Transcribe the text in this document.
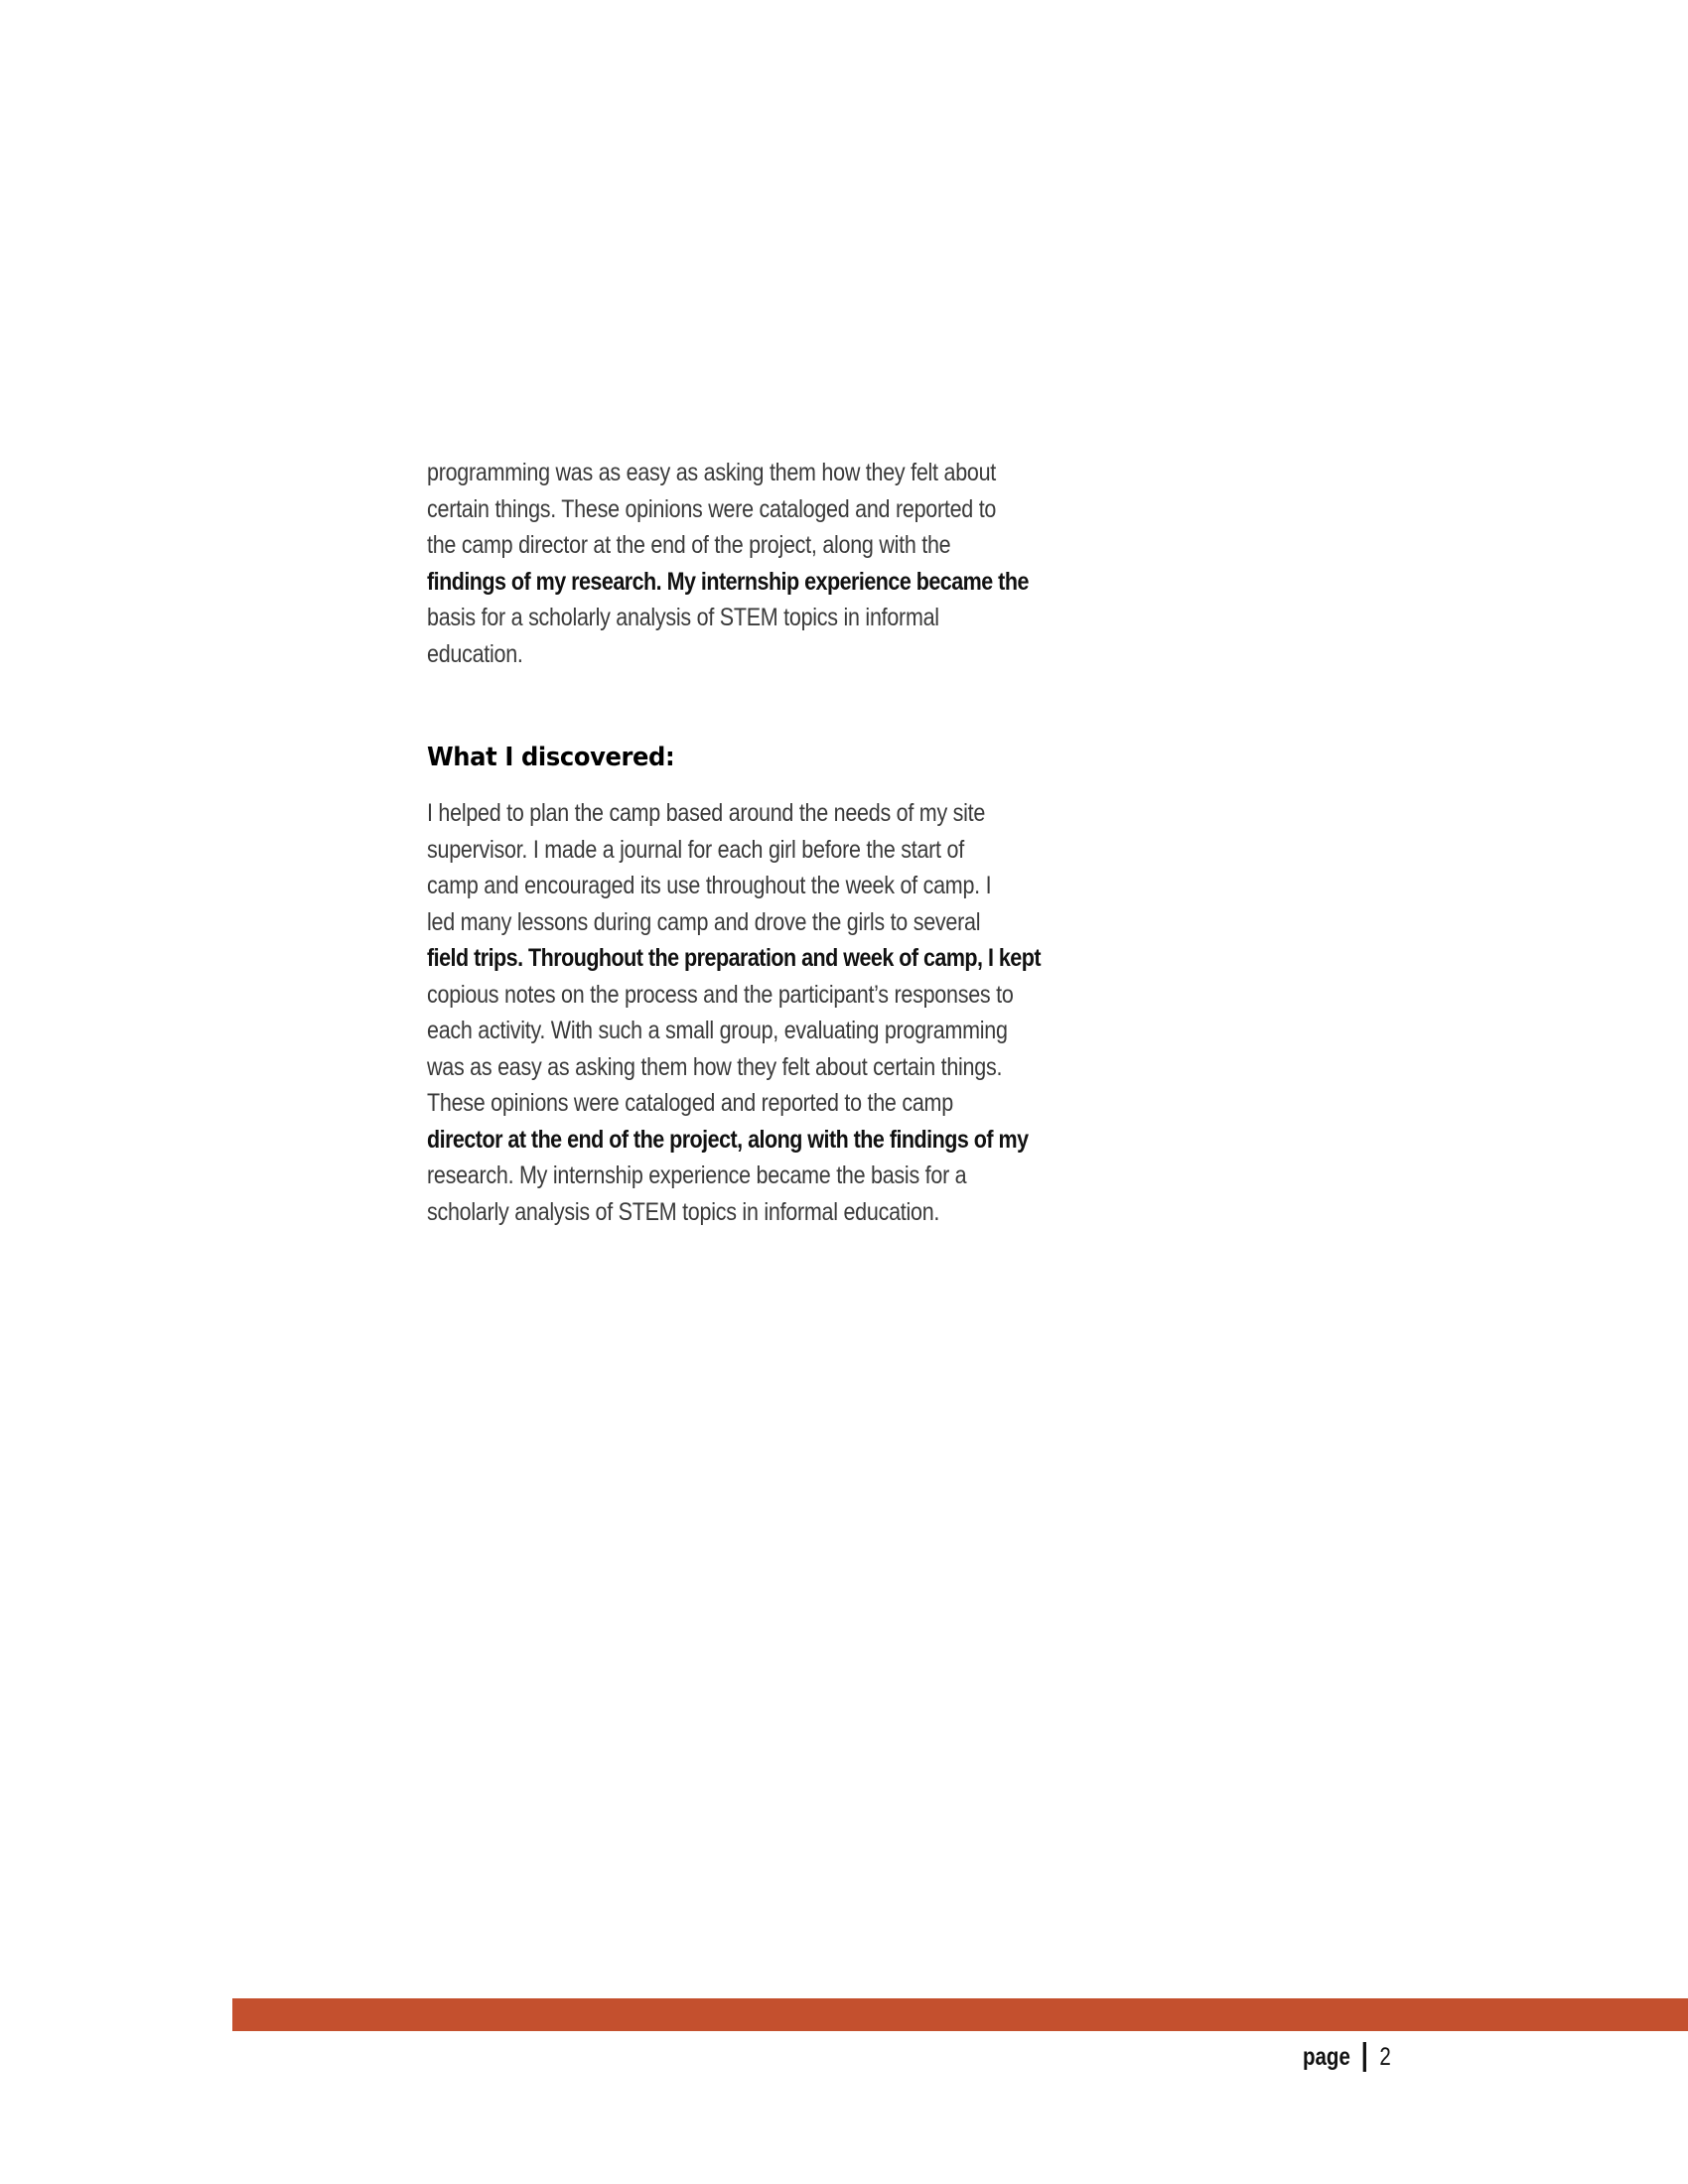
programming was as easy as asking them how they felt about
certain things. These opinions were cataloged and reported to
the camp director at the end of the project, along with the
findings of my research. My internship experience became the
basis for a scholarly analysis of STEM topics in informal
education.
What I discovered:
I helped to plan the camp based around the needs of my site
supervisor. I made a journal for each girl before the start of
camp and encouraged its use throughout the week of camp. I
led many lessons during camp and drove the girls to several
field trips. Throughout the preparation and week of camp, I kept
copious notes on the process and the participant’s responses to
each activity. With such a small group, evaluating programming
was as easy as asking them how they felt about certain things.
These opinions were cataloged and reported to the camp
director at the end of the project, along with the findings of my
research. My internship experience became the basis for a
scholarly analysis of STEM topics in informal education.
page 2
